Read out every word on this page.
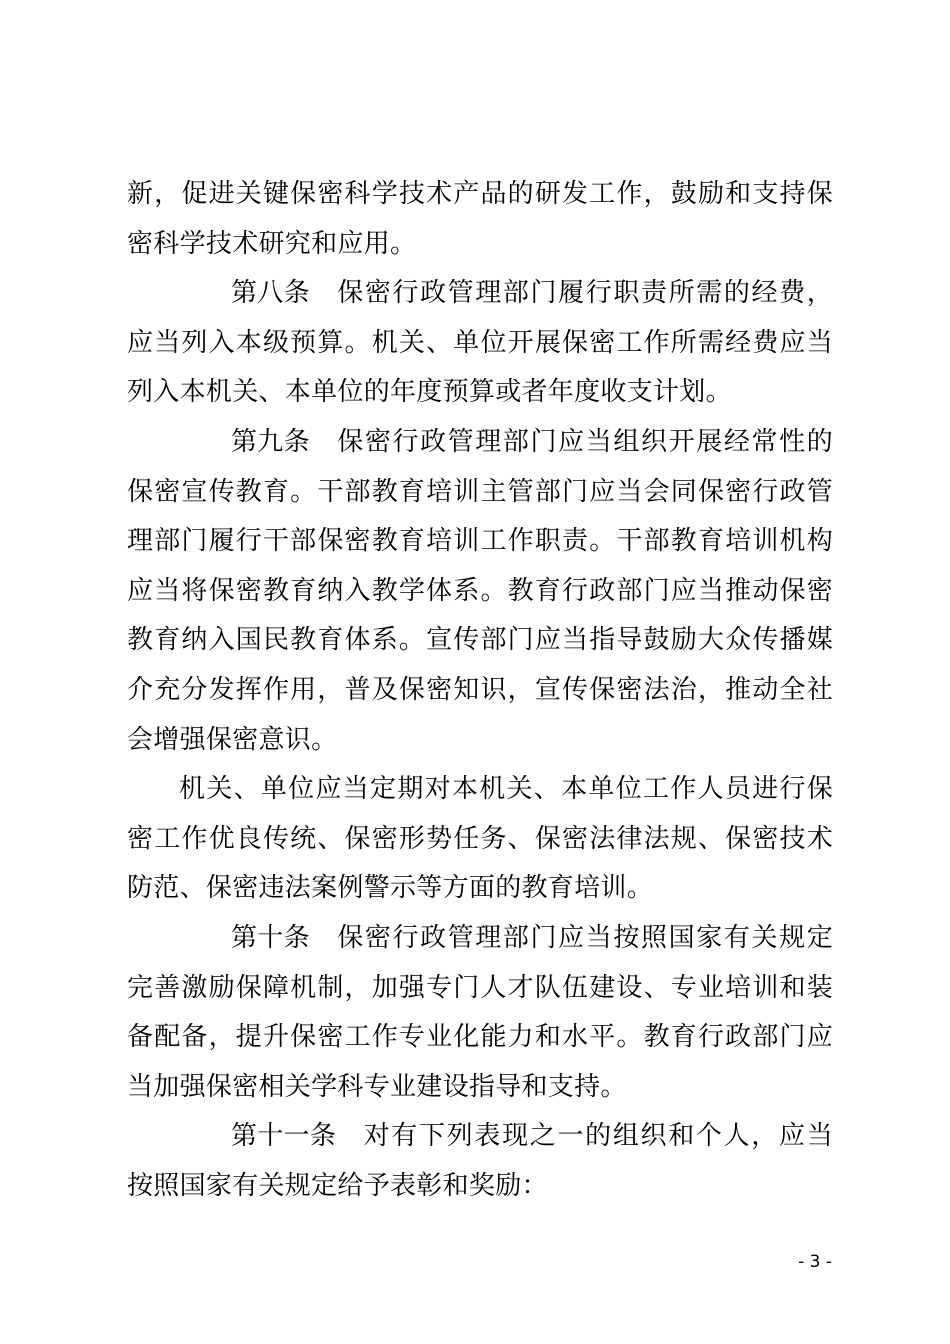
新，促进关键保密科学技术产品的研发工作，鼓励和支持保密科学技术研究和应用。

第八条 保密行政管理部门履行职责所需的经费，应当列入本级预算。机关、单位开展保密工作所需经费应当列入本机关、本单位的年度预算或者年度收支计划。

第九条 保密行政管理部门应当组织开展经常性的保密宣传教育。干部教育培训主管部门应当会同保密行政管理部门履行干部保密教育培训工作职责。干部教育培训机构应当将保密教育纳入教学体系。教育行政部门应当推动保密教育纳入国民教育体系。宣传部门应当指导鼓励大众传播媒介充分发挥作用，普及保密知识，宣传保密法治，推动全社会增强保密意识。

机关、单位应当定期对本机关、本单位工作人员进行保密工作优良传统、保密形势任务、保密法律法规、保密技术防范、保密违法案例警示等方面的教育培训。

第十条 保密行政管理部门应当按照国家有关规定完善激励保障机制，加强专门人才队伍建设、专业培训和装备配备，提升保密工作专业化能力和水平。教育行政部门应当加强保密相关学科专业建设指导和支持。

第十一条 对有下列表现之一的组织和个人，应当按照国家有关规定给予表彰和奖励：

- 3 -
